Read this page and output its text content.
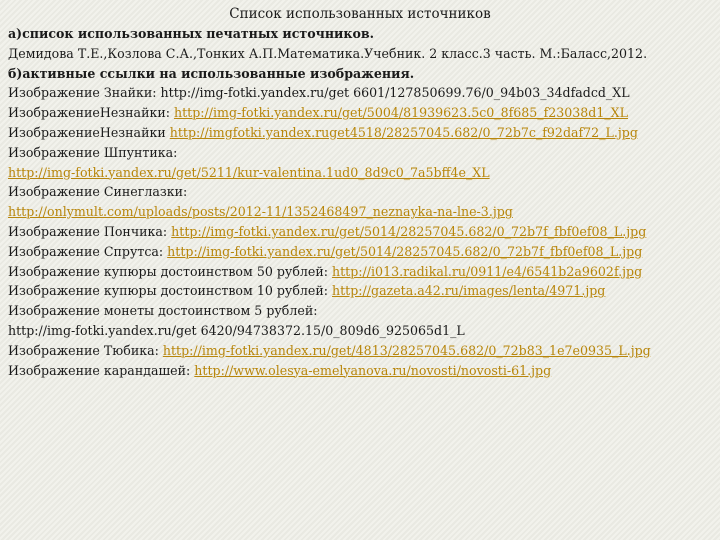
Список использованных источников
а)список использованных печатных источников.
Демидова Т.Е.,Козлова С.А.,Тонких А.П.Математика.Учебник. 2 класс.3 часть. М.:Баласс,2012.
б)активные ссылки на использованные изображения.
Изображение Знайки: http://img-fotki.yandex.ru/get 6601/127850699.76/0_94b03_34dfadcd_XL
ИзображениеНезнайки: http://img-fotki.yandex.ru/get/5004/81939623.5c0_8f685_f23038d1_XL
ИзображениеНезнайки http://imgfotki.yandex.ruget4518/28257045.682/0_72b7c_f92daf72_L.jpg
Изображение Шпунтика:
http://img-fotki.yandex.ru/get/5211/kur-valentina.1ud0_8d9c0_7a5bff4e_XL
Изображение Синеглазки:
http://onlymult.com/uploads/posts/2012-11/1352468497_neznayka-na-lne-3.jpg
Изображение Пончика: http://img-fotki.yandex.ru/get/5014/28257045.682/0_72b7f_fbf0ef08_L.jpg
Изображение Спрутса: http://img-fotki.yandex.ru/get/5014/28257045.682/0_72b7f_fbf0ef08_L.jpg
Изображение купюры достоинством 50 рублей: http://i013.radikal.ru/0911/e4/6541b2a9602f.jpg
Изображение купюры достоинством 10 рублей: http://gazeta.a42.ru/images/lenta/4971.jpg
Изображение монеты достоинством 5 рублей:
http://img-fotki.yandex.ru/get 6420/94738372.15/0_809d6_925065d1_L
Изображение Тюбика: http://img-fotki.yandex.ru/get/4813/28257045.682/0_72b83_1e7e0935_L.jpg
Изображение карандашей: http://www.olesya-emelyanova.ru/novosti/novosti-61.jpg
